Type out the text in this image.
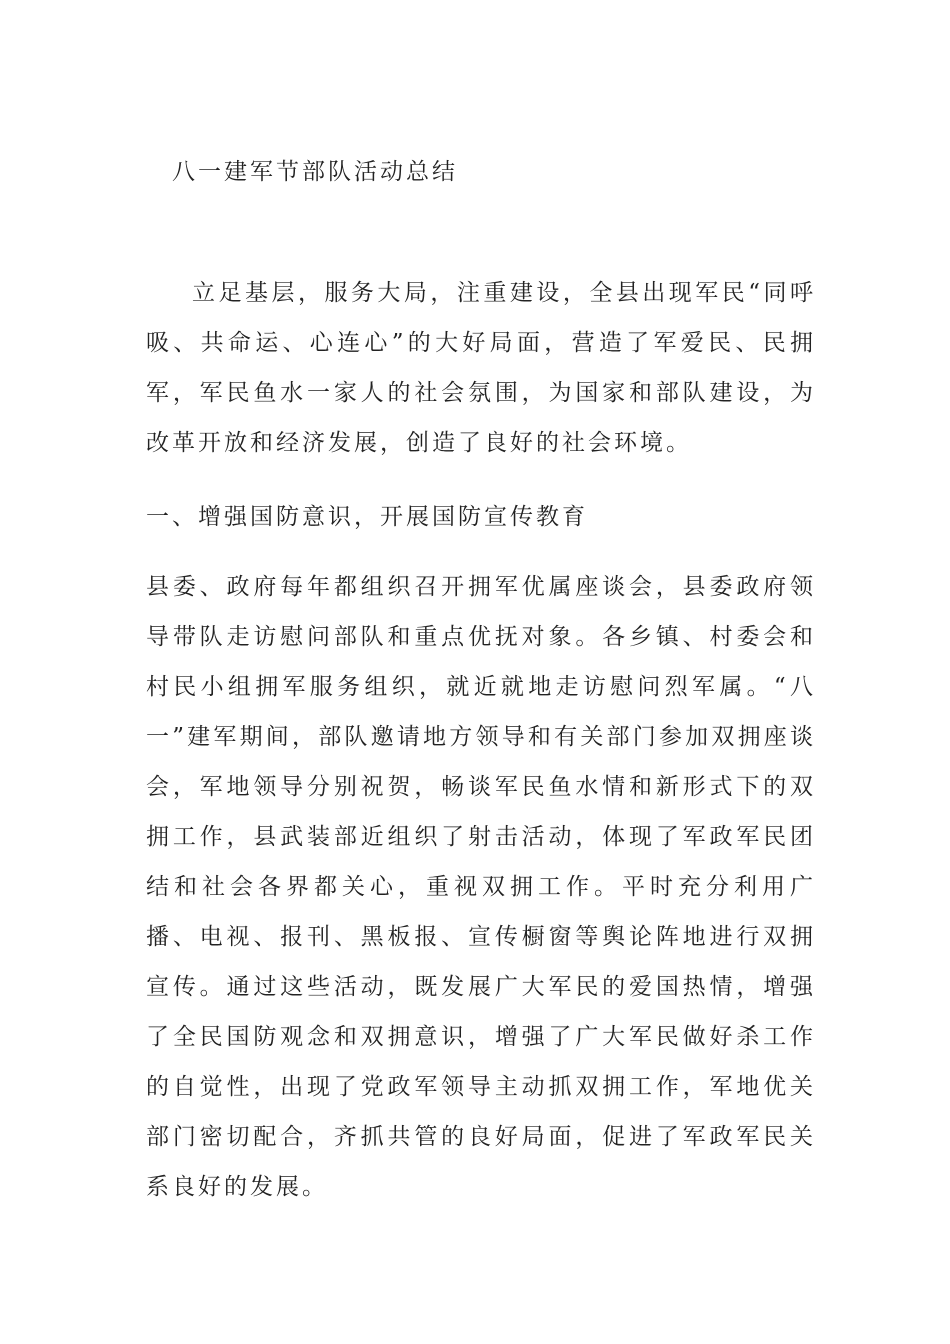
八一建军节部队活动总结
立足基层，服务大局，注重建设，全县出现军民“同呼吸、共命运、心连心”的大好局面，营造了军爱民、民拥军，军民鱼水一家人的社会氛围，为国家和部队建设，为改革开放和经济发展，创造了良好的社会环境。
一、增强国防意识，开展国防宣传教育
县委、政府每年都组织召开拥军优属座谈会，县委政府领导带队走访慰问部队和重点优抚对象。各乡镇、村委会和村民小组拥军服务组织，就近就地走访慰问烈军属。“八一”建军期间，部队邀请地方领导和有关部门参加双拥座谈会，军地领导分别祝贺，畅谈军民鱼水情和新形式下的双拥工作，县武装部近组织了射击活动，体现了军政军民团结和社会各界都关心，重视双拥工作。平时充分利用广播、电视、报刊、黑板报、宣传橱窗等舆论阵地进行双拥宣传。通过这些活动，既发展广大军民的爱国热情，增强了全民国防观念和双拥意识，增强了广大军民做好杀工作的自觉性，出现了党政军领导主动抓双拥工作，军地优关部门密切配合，齐抓共管的良好局面，促进了军政军民关系良好的发展。
